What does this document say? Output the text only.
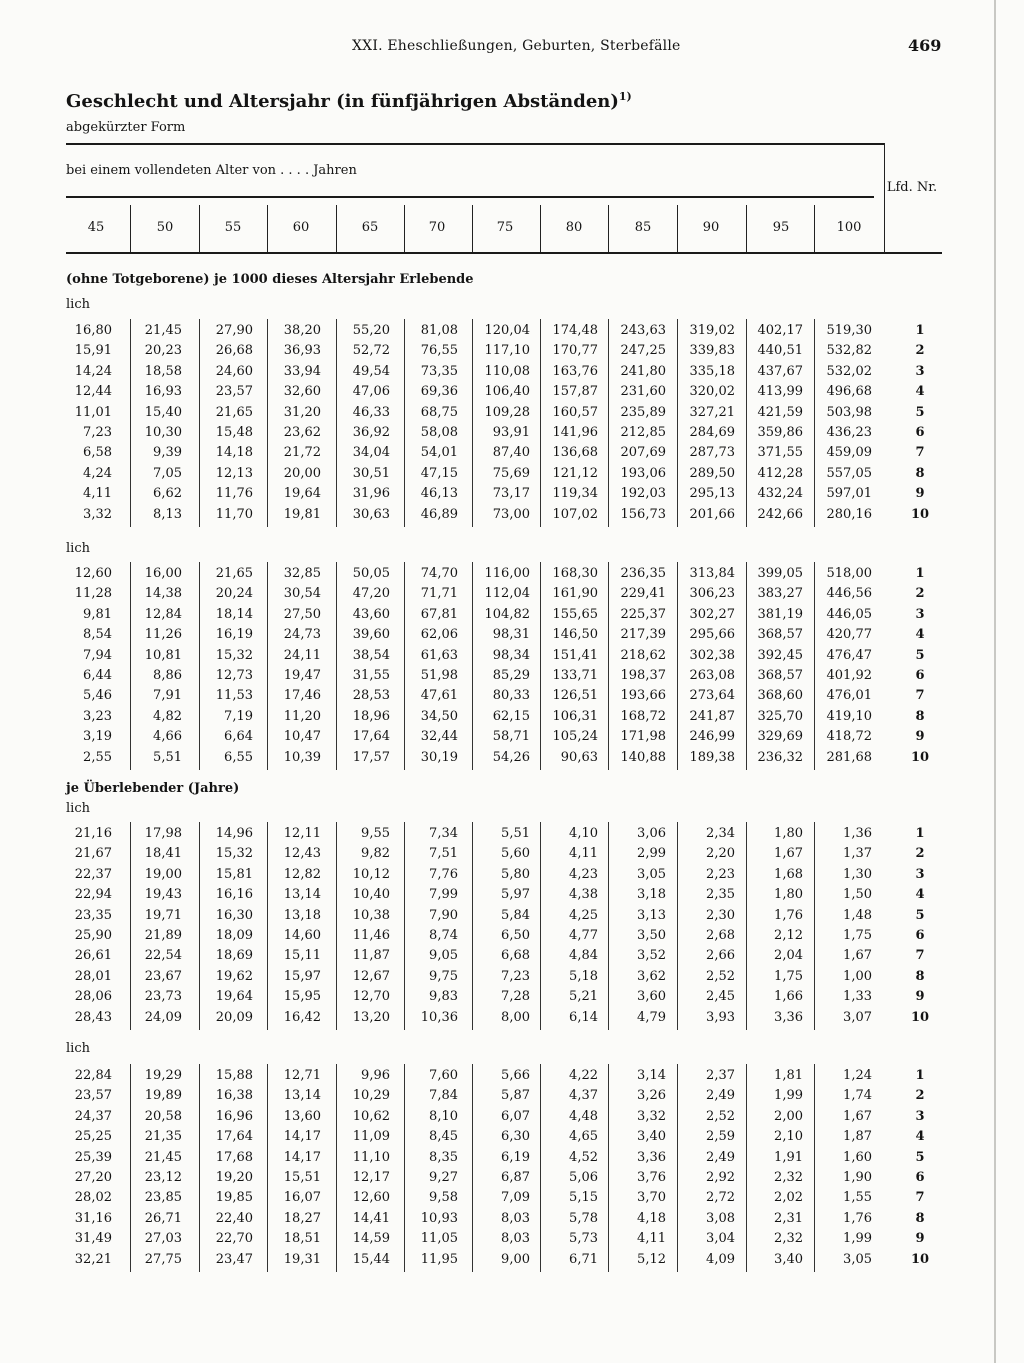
XXI. Eheschließungen, Geburten, Sterbefälle	469
Geschlecht und Altersjahr (in fünfjährigen Abständen)$^{1)}$
abgekürzter Form
bei einem vollendeten Alter von . . . . Jahren
Lfd. Nr.
45	50	55	60	65	70	75	80	85	90	95	100
(ohne Totgeborene) je 1000 dieses Altersjahr Erlebende
lich
16,80	21,45	27,90	38,20	55,20	81,08	120,04	174,48	243,63	319,02	402,17	519,30	1
15,91	20,23	26,68	36,93	52,72	76,55	117,10	170,77	247,25	339,83	440,51	532,82	2
14,24	18,58	24,60	33,94	49,54	73,35	110,08	163,76	241,80	335,18	437,67	532,02	3
12,44	16,93	23,57	32,60	47,06	69,36	106,40	157,87	231,60	320,02	413,99	496,68	4
11,01	15,40	21,65	31,20	46,33	68,75	109,28	160,57	235,89	327,21	421,59	503,98	5
7,23	10,30	15,48	23,62	36,92	58,08	93,91	141,96	212,85	284,69	359,86	436,23	6
6,58	9,39	14,18	21,72	34,04	54,01	87,40	136,68	207,69	287,73	371,55	459,09	7
4,24	7,05	12,13	20,00	30,51	47,15	75,69	121,12	193,06	289,50	412,28	557,05	8
4,11	6,62	11,76	19,64	31,96	46,13	73,17	119,34	192,03	295,13	432,24	597,01	9
3,32	8,13	11,70	19,81	30,63	46,89	73,00	107,02	156,73	201,66	242,66	280,16	10
lich
12,60	16,00	21,65	32,85	50,05	74,70	116,00	168,30	236,35	313,84	399,05	518,00	1
11,28	14,38	20,24	30,54	47,20	71,71	112,04	161,90	229,41	306,23	383,27	446,56	2
9,81	12,84	18,14	27,50	43,60	67,81	104,82	155,65	225,37	302,27	381,19	446,05	3
8,54	11,26	16,19	24,73	39,60	62,06	98,31	146,50	217,39	295,66	368,57	420,77	4
7,94	10,81	15,32	24,11	38,54	61,63	98,34	151,41	218,62	302,38	392,45	476,47	5
6,44	8,86	12,73	19,47	31,55	51,98	85,29	133,71	198,37	263,08	368,57	401,92	6
5,46	7,91	11,53	17,46	28,53	47,61	80,33	126,51	193,66	273,64	368,60	476,01	7
3,23	4,82	7,19	11,20	18,96	34,50	62,15	106,31	168,72	241,87	325,70	419,10	8
3,19	4,66	6,64	10,47	17,64	32,44	58,71	105,24	171,98	246,99	329,69	418,72	9
2,55	5,51	6,55	10,39	17,57	30,19	54,26	90,63	140,88	189,38	236,32	281,68	10
je Überlebender (Jahre)
lich
21,16	17,98	14,96	12,11	9,55	7,34	5,51	4,10	3,06	2,34	1,80	1,36	1
21,67	18,41	15,32	12,43	9,82	7,51	5,60	4,11	2,99	2,20	1,67	1,37	2
22,37	19,00	15,81	12,82	10,12	7,76	5,80	4,23	3,05	2,23	1,68	1,30	3
22,94	19,43	16,16	13,14	10,40	7,99	5,97	4,38	3,18	2,35	1,80	1,50	4
23,35	19,71	16,30	13,18	10,38	7,90	5,84	4,25	3,13	2,30	1,76	1,48	5
25,90	21,89	18,09	14,60	11,46	8,74	6,50	4,77	3,50	2,68	2,12	1,75	6
26,61	22,54	18,69	15,11	11,87	9,05	6,68	4,84	3,52	2,66	2,04	1,67	7
28,01	23,67	19,62	15,97	12,67	9,75	7,23	5,18	3,62	2,52	1,75	1,00	8
28,06	23,73	19,64	15,95	12,70	9,83	7,28	5,21	3,60	2,45	1,66	1,33	9
28,43	24,09	20,09	16,42	13,20	10,36	8,00	6,14	4,79	3,93	3,36	3,07	10
lich
22,84	19,29	15,88	12,71	9,96	7,60	5,66	4,22	3,14	2,37	1,81	1,24	1
23,57	19,89	16,38	13,14	10,29	7,84	5,87	4,37	3,26	2,49	1,99	1,74	2
24,37	20,58	16,96	13,60	10,62	8,10	6,07	4,48	3,32	2,52	2,00	1,67	3
25,25	21,35	17,64	14,17	11,09	8,45	6,30	4,65	3,40	2,59	2,10	1,87	4
25,39	21,45	17,68	14,17	11,10	8,35	6,19	4,52	3,36	2,49	1,91	1,60	5
27,20	23,12	19,20	15,51	12,17	9,27	6,87	5,06	3,76	2,92	2,32	1,90	6
28,02	23,85	19,85	16,07	12,60	9,58	7,09	5,15	3,70	2,72	2,02	1,55	7
31,16	26,71	22,40	18,27	14,41	10,93	8,03	5,78	4,18	3,08	2,31	1,76	8
31,49	27,03	22,70	18,51	14,59	11,05	8,03	5,73	4,11	3,04	2,32	1,99	9
32,21	27,75	23,47	19,31	15,44	11,95	9,00	6,71	5,12	4,09	3,40	3,05	10
